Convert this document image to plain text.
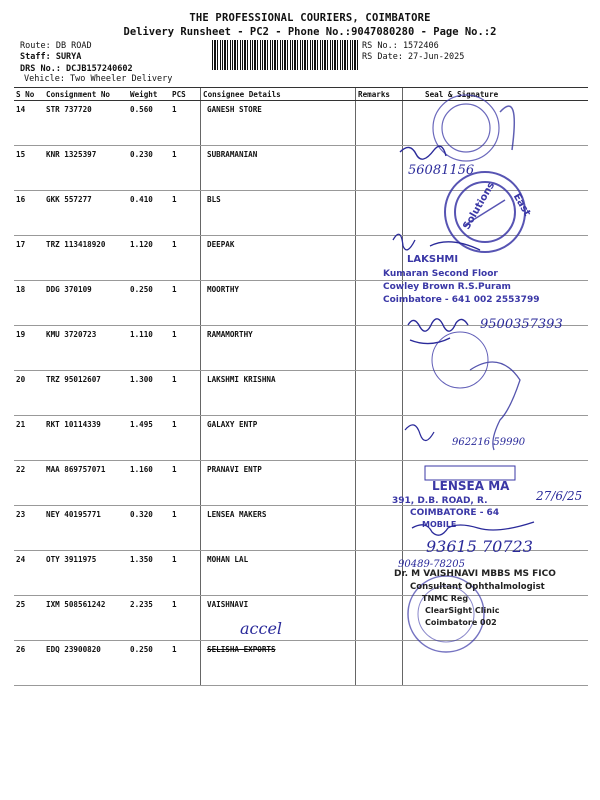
THE PROFESSIONAL COURIERS, COIMBATORE
Delivery Runsheet - PC2 - Phone No.:9047080280 - Page No.:2
Route: DB ROAD
Staff: SURYA
DRS No.: DCJB157240602
Vehicle: Two Wheeler Delivery
RS No.: 1572406
RS Date: 27-Jun-2025
S No	Consignment No	Weight	PCS	Consignee Details	Remarks	Seal & Signature
14	STR 737720	0.560	1	GANESH STORE		
15	KNR 1325397	0.230	1	SUBRAMANIAN		
16	GKK 557277	0.410	1	BLS		
17	TRZ 113418920	1.120	1	DEEPAK		
18	DDG 370109	0.250	1	MOORTHY		
19	KMU 3720723	1.110	1	RAMAMORTHY		
20	TRZ 95012607	1.300	1	LAKSHMI KRISHNA		
21	RKT 10114339	1.495	1	GALAXY ENTP		
22	MAA 869757071	1.160	1	PRANAVI ENTP		
23	NEY 40195771	0.320	1	LENSEA MAKERS		
24	OTY 3911975	1.350	1	MOHAN LAL		
25	IXM 508561242	2.235	1	VAISHNAVI		
26	EDQ 23900820	0.250	1	SELISHA EXPORTS		
56081156
Solutions East
LAKSHMI
Kumaran Second Floor
Cowley Brown R.S.Puram
Coimbatore - 641 002 2553799
9500357393
962216 59990
LENSEA MA
391, D.B. ROAD, R.
COIMBATORE - 64
MOBILE
27/6/25
93615 70723
90489-78205
Dr. M VAISHNAVI MBBS MS FICO
Consultant Ophthalmologist
TNMC Reg
ClearSight Clinic
Coimbatore 002
accel
